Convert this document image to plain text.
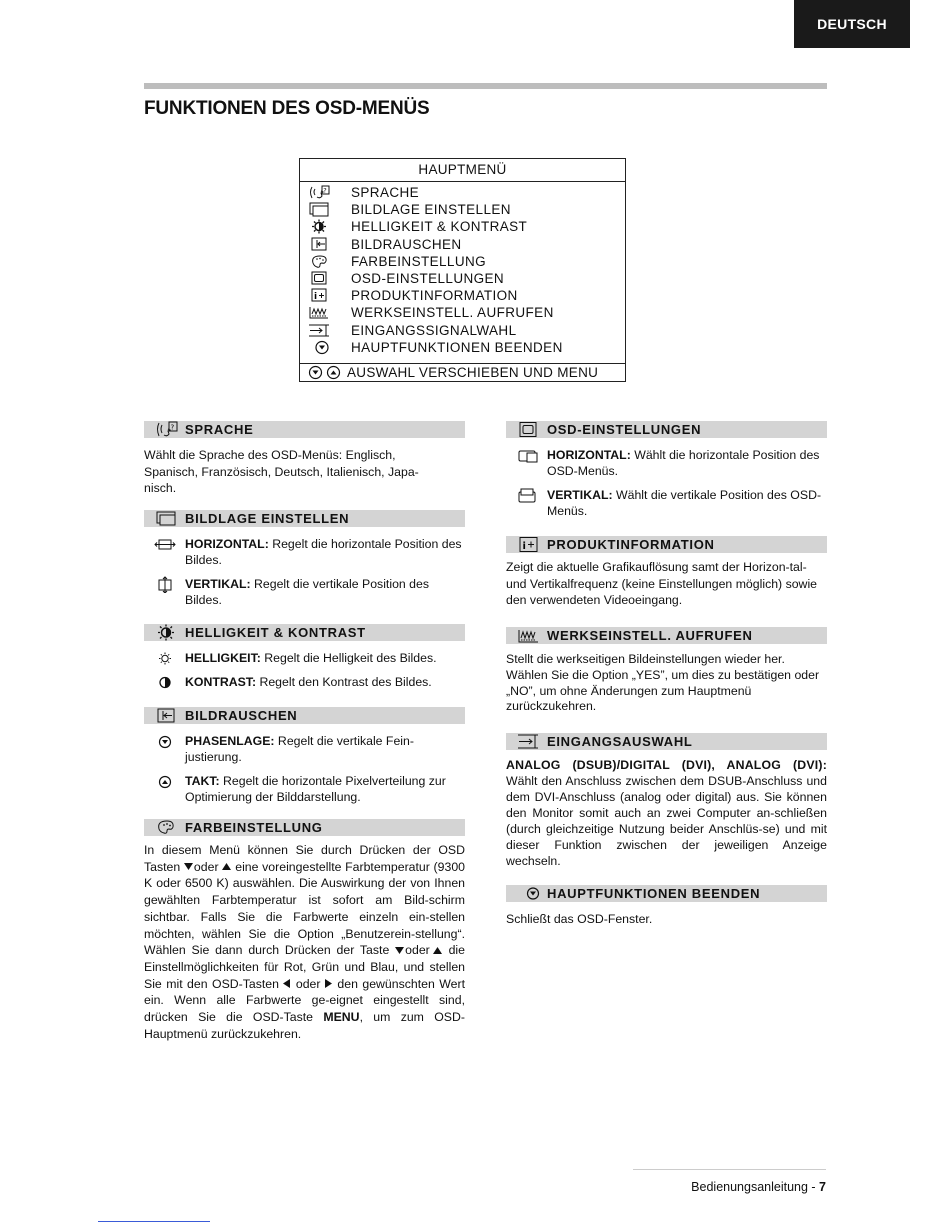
DEUTSCH
FUNKTIONEN DES OSD-MENÜS
HAUPTMENÜ
? SPRACHE
BILDLAGE EINSTELLEN
HELLIGKEIT & KONTRAST
BILDRAUSCHEN
FARBEINSTELLUNG
OSD-EINSTELLUNGEN
i	PRODUKTINFORMATION
WERKSEINSTELL. AUFRUFEN
EINGANGSSIGNALWAHL
HAUPTFUNKTIONEN BEENDEN
AUSWAHL VERSCHIEBEN UND MENU
? SPRACHE

Wählt die Sprache des OSD-Menüs: Englisch, Spanisch, Französisch, Deutsch, Italienisch, Japa-nisch.

BILDLAGE EINSTELLEN
HORIZONTAL: Regelt die horizontale Position des Bildes.
VERTIKAL: Regelt die vertikale Position des Bildes.
HELLIGKEIT & KONTRAST
HELLIGKEIT: Regelt die Helligkeit des Bildes.
KONTRAST: Regelt den Kontrast des Bildes.
BILDRAUSCHEN
PHASENLAGE: Regelt die vertikale Fein-justierung.
TAKT: Regelt die horizontale Pixelverteilung zur Optimierung der Bilddarstellung.
FARBEINSTELLUNG

In diesem Menü können Sie durch Drücken der OSD Tasten
oder
eine voreingestellte Farbtemperatur (9300 K oder 6500 K) auswählen. Die Auswirkung der von Ihnen gewählten Farbtemperatur ist sofort am Bild-schirm sichtbar. Falls Sie die Farbwerte einzeln ein-stellen möchten, wählen Sie die Option „Benutzerein-stellung“. Wählen Sie dann durch Drücken der Taste
oder
die Einstellmöglichkeiten für Rot, Grün und Blau, und stellen Sie mit den OSD-Tasten
oder
den gewünschten Wert ein. Wenn alle Farbwerte ge-eignet eingestellt sind, drücken Sie die OSD-Taste MENU, um zum OSD-Hauptmenü zurückzukehren.

OSD-EINSTELLUNGEN
HORIZONTAL: Wählt die horizontale Position des OSD-Menüs.
VERTIKAL: Wählt die vertikale Position des OSD-Menüs.
i PRODUKTINFORMATION

Zeigt die aktuelle Grafikauflösung samt der Horizon-tal- und Vertikalfrequenz (keine Einstellungen möglich) sowie den verwendeten Videoeingang.

WERKSEINSTELL. AUFRUFEN

Stellt die werkseitigen Bildeinstellungen wieder her. Wählen Sie die Option „YES”, um dies zu bestätigen oder „NO”, um ohne Änderungen zum Hauptmenü zurückzukehren.

EINGANGSAUSWAHL

ANALOG (DSUB)/DIGITAL (DVI), ANALOG (DVI): Wählt den Anschluss zwischen dem DSUB-Anschluss und dem DVI-Anschluss (analog oder digital) aus. Sie können den Monitor somit auch an zwei Computer an-schließen (durch gleichzeitige Nutzung beider Anschlüs-se) und mit dieser Funktion zwischen der jeweiligen Anzeige wechseln.

HAUPTFUNKTIONEN BEENDEN

Schließt das OSD-Fenster.

Bedienungsanleitung - 7
